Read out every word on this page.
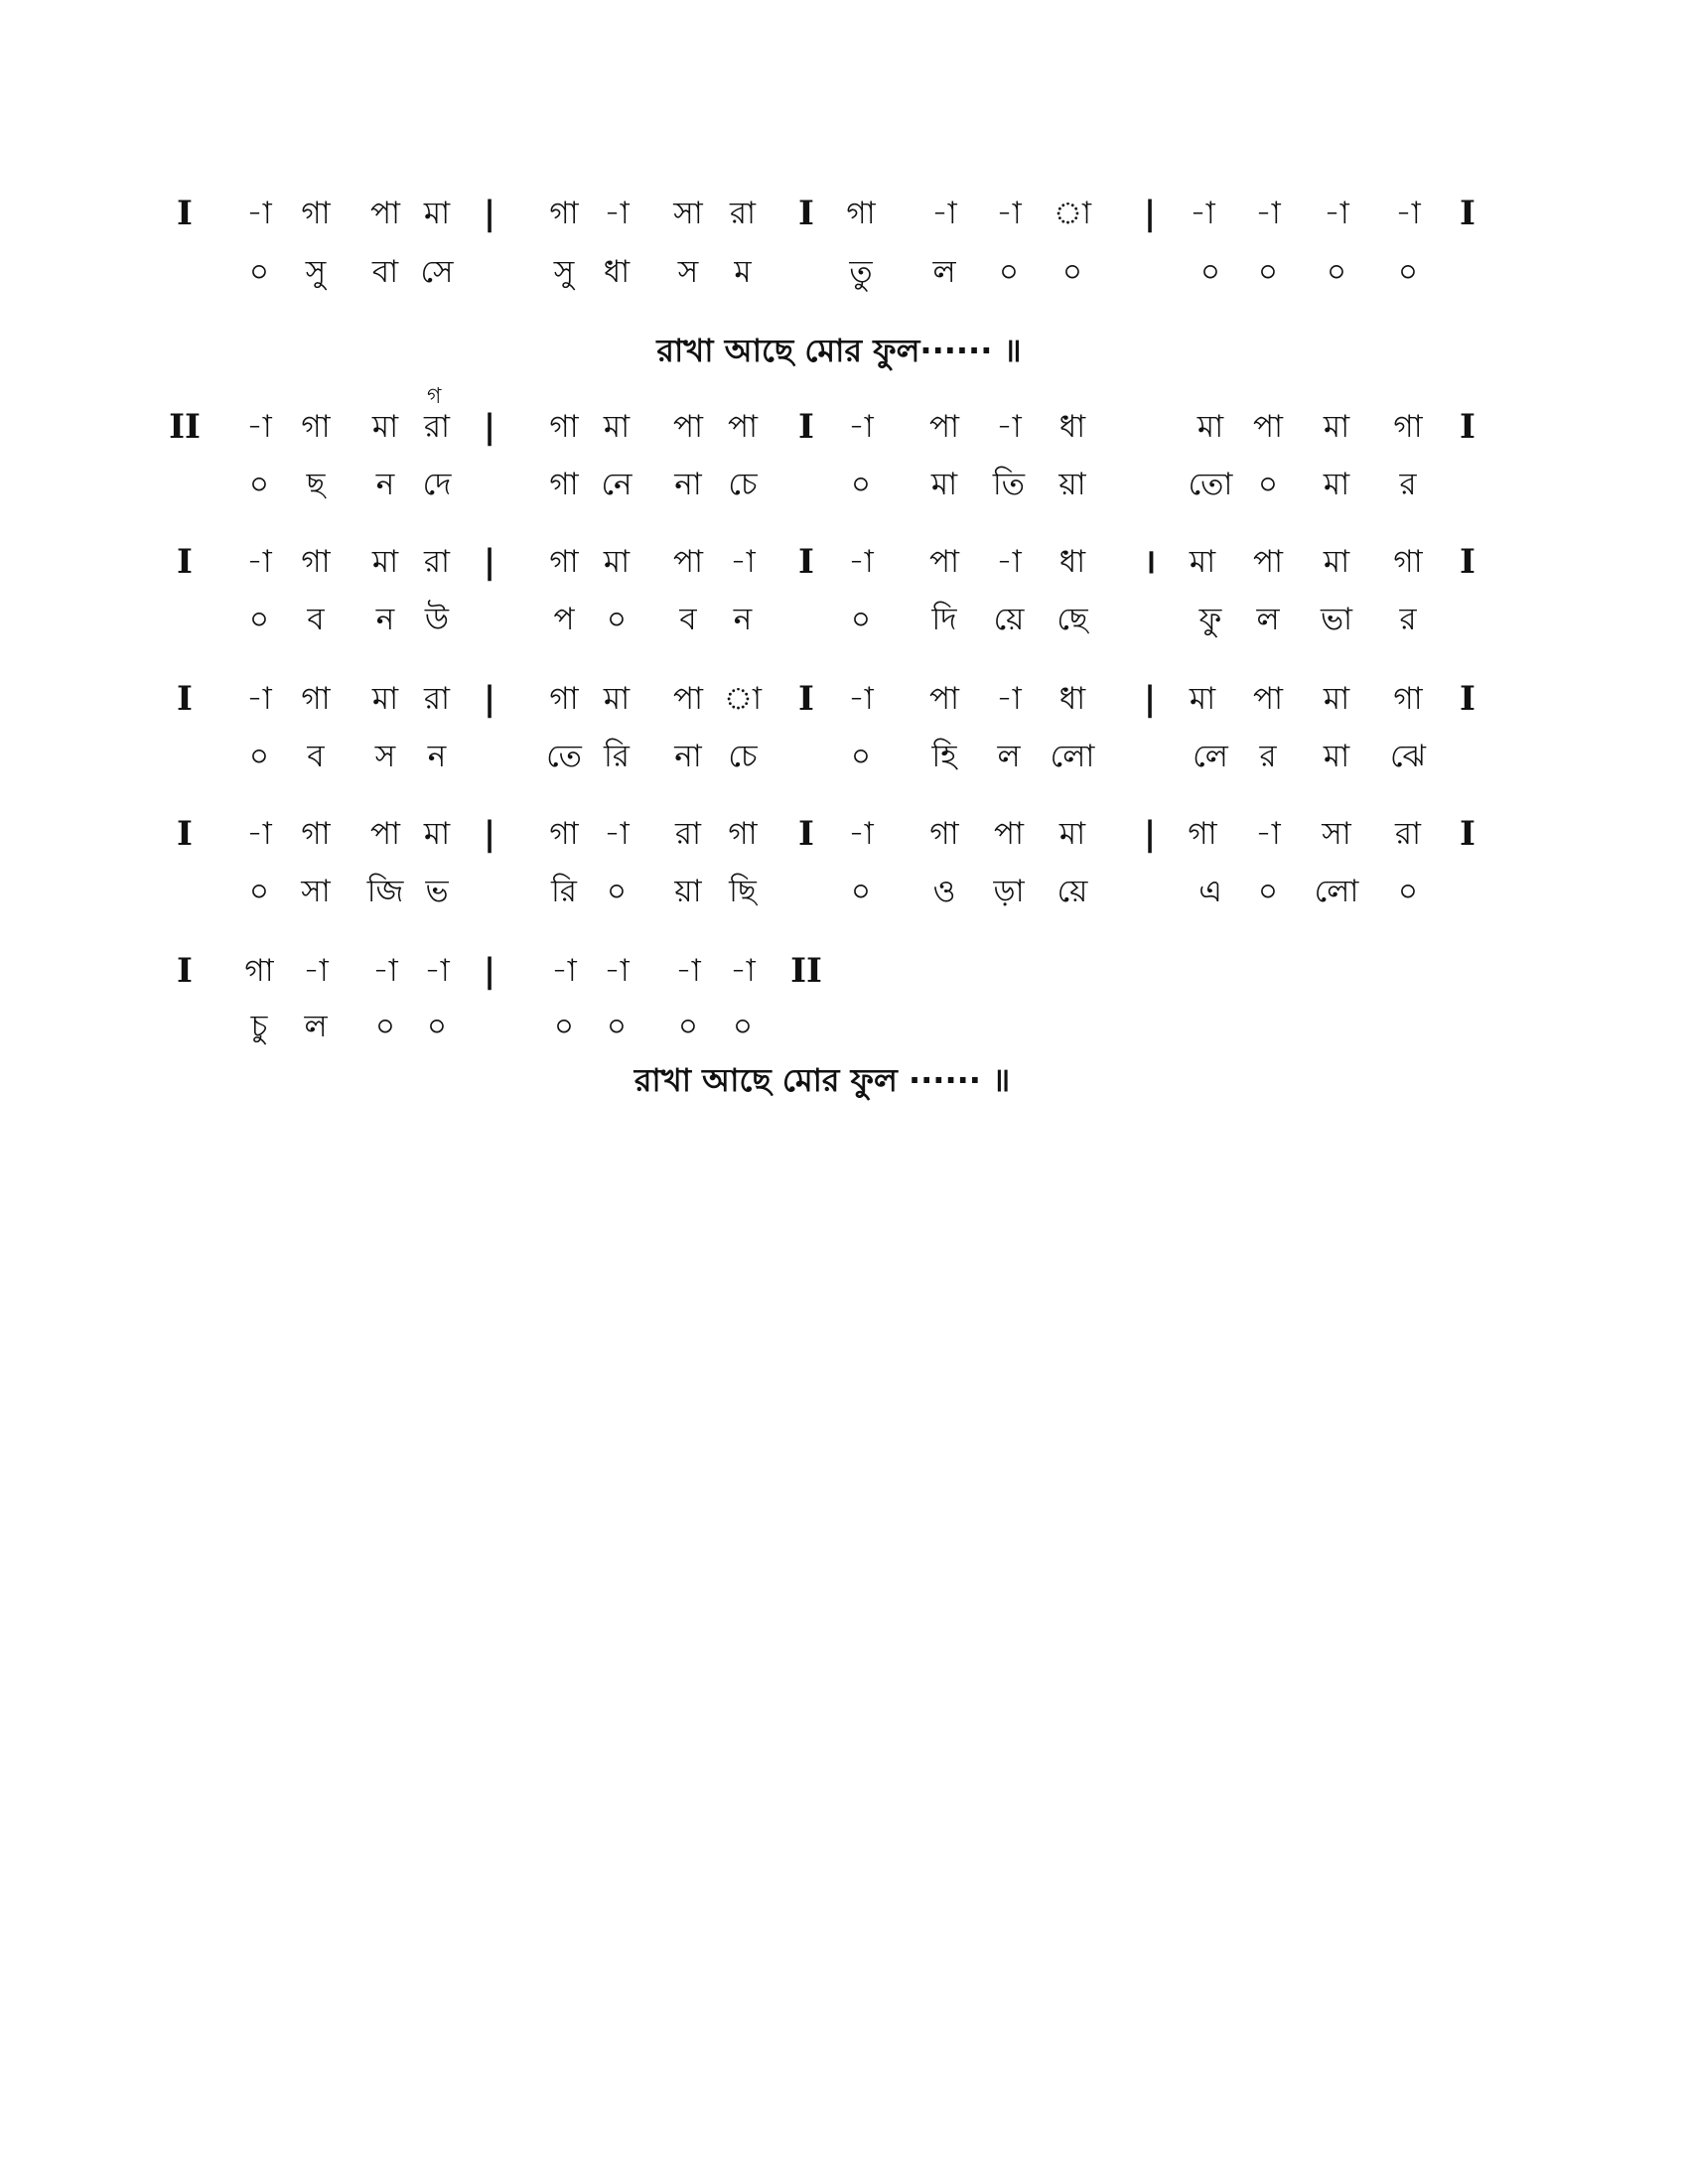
I -া গা পা মা | গা -া সা রা I গা -া -া া | -া -া -া -া I
০ সু বা সে	সু ধা স ম	তু ল ০ ০	০ ০ ০ ০
II -া গা মা রা | গা মা পা পা I -া পা -া ধা	মা পা মা গা I
০ ছ ন দে	গা নে না চে	০ মা তি য়া	তো ০ মা র
গ
I -া গা মা রা | গা মা পা -া I -া পা -া ধা । মা পা মা গা I
০ ব ন উ	প ০ ব ন	০ দি য়ে ছে	ফু ল ভা র
I -া গা মা রা | গা মা পা া I -া পা -া ধা | মা পা মা গা I
০ ব স ন	তে রি না চে	০ হি ল লো	লে র মা ঝে
I -া গা পা মা | গা -া রা গা I -া গা পা মা | গা -া সা রা I
০ সা জি ভ	রি ০ য়া ছি	০ ও ড়া য়ে	এ ০ লো ০
I গা -া -া -া | -া -া -া -া II
চু ল ০ ০	০ ০ ০ ০
রাখা আছে মোর ফুল······ ॥
রাখা আছে মোর ফুল ······ ॥
